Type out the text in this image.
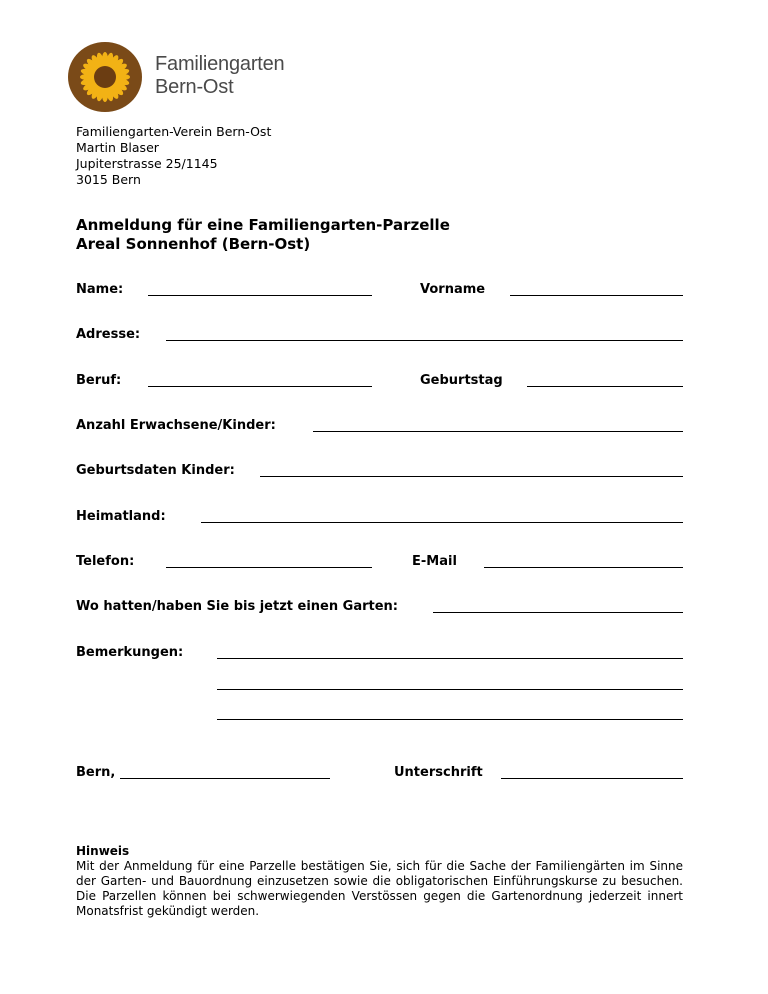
Familiengarten
Bern-Ost
Familiengarten-Verein Bern-Ost
Martin Blaser
Jupiterstrasse 25/1145
3015 Bern
Anmeldung für eine Familiengarten-Parzelle
Areal Sonnenhof (Bern-Ost)
Name:	Vorname
Adresse:
Beruf:	Geburtstag
Anzahl Erwachsene/Kinder:
Geburtsdaten Kinder:
Heimatland:
Telefon:	E-Mail
Wo hatten/haben Sie bis jetzt einen Garten:
Bemerkungen:
Bern,	Unterschrift
Hinweis
Mit der Anmeldung für eine Parzelle bestätigen Sie, sich für die Sache der Familiengärten im Sinne der Garten- und Bauordnung einzusetzen sowie die obligatorischen Einführungskurse zu besuchen. Die Parzellen können bei schwerwiegenden Verstössen gegen die Gartenordnung jederzeit innert Monatsfrist gekündigt werden.
